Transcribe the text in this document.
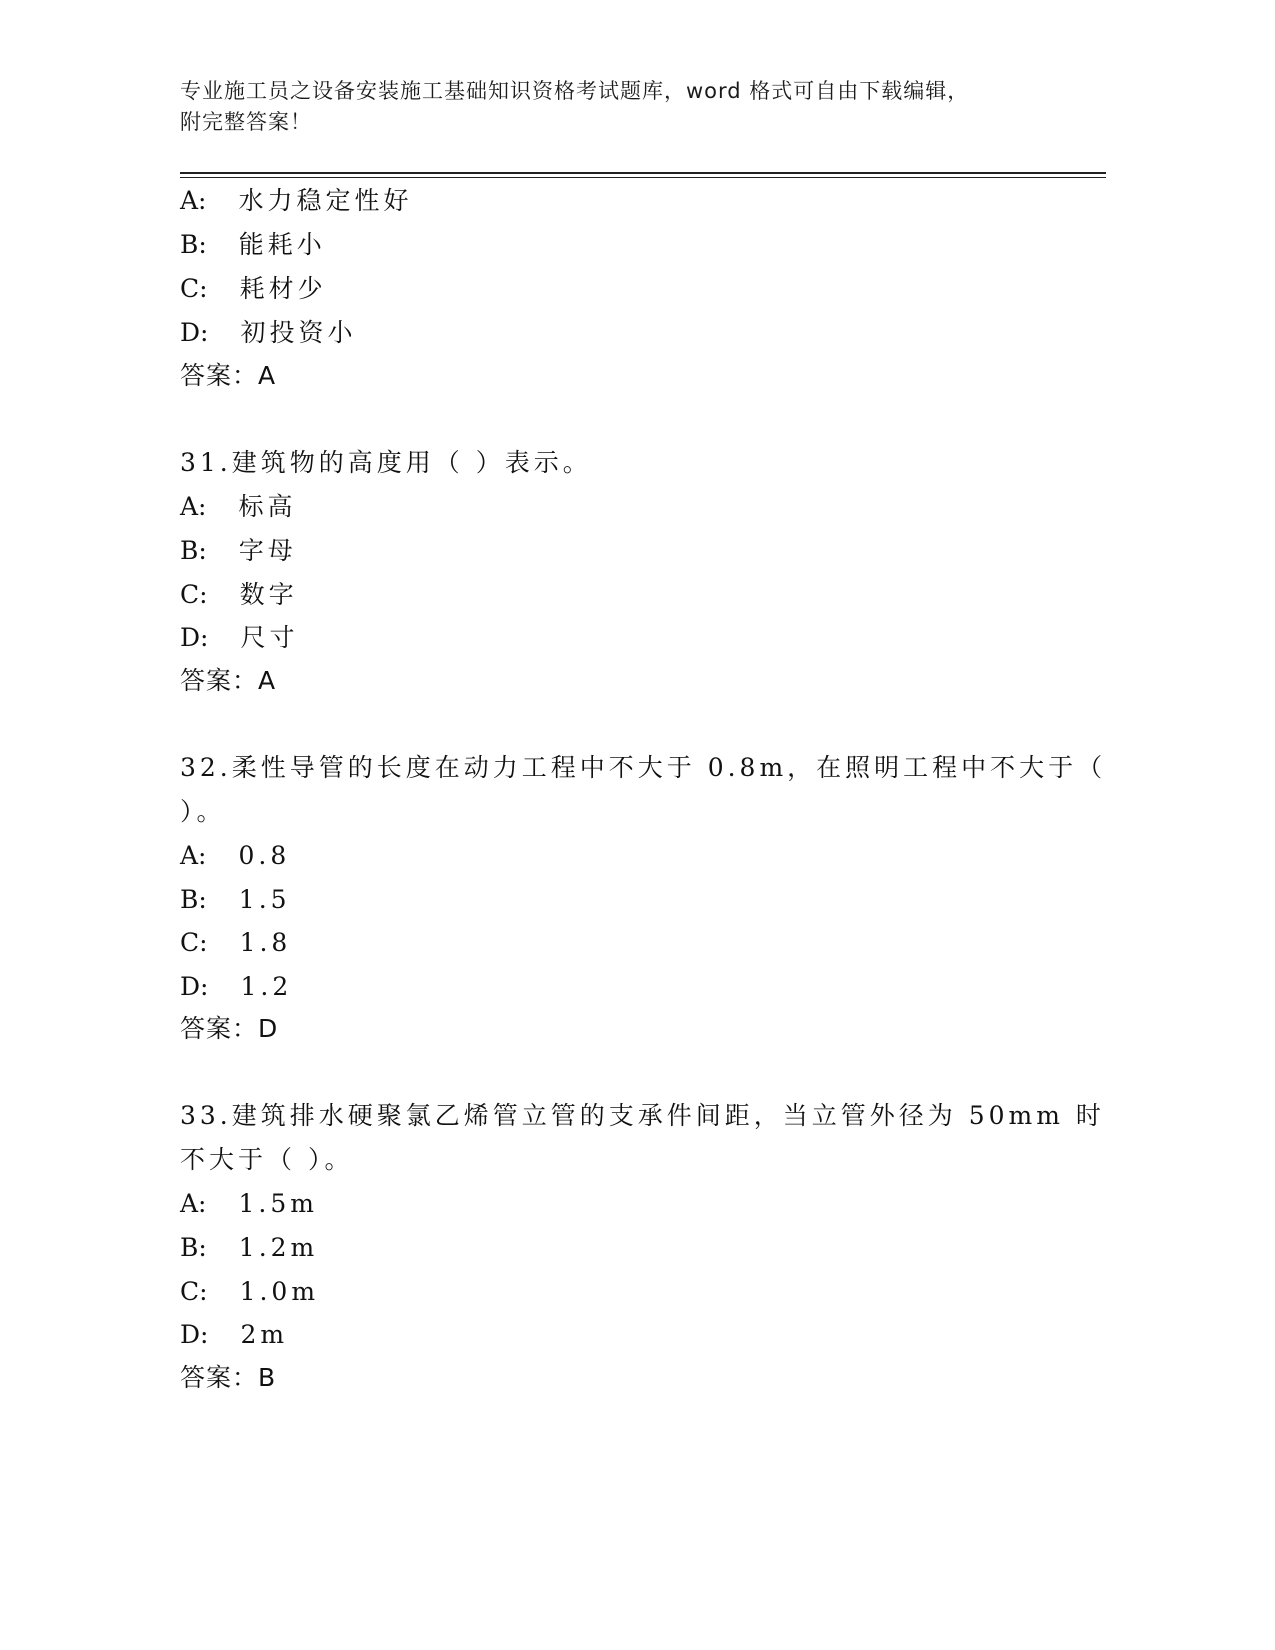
专业施工员之设备安装施工基础知识资格考试题库，word 格式可自由下载编辑，
附完整答案！
A: 水力稳定性好
B: 能耗小
C: 耗材少
D: 初投资小
答案：A
31.建筑物的高度用（ ）表示。
A: 标高
B: 字母
C: 数字
D: 尺寸
答案：A
32.柔性导管的长度在动力工程中不大于 0.8m，在照明工程中不大于（
）。
A: 0.8
B: 1.5
C: 1.8
D: 1.2
答案：D
33.建筑排水硬聚氯乙烯管立管的支承件间距，当立管外径为 50mm 时
不大于（ ）。
A: 1.5m
B: 1.2m
C: 1.0m
D: 2m
答案：B
